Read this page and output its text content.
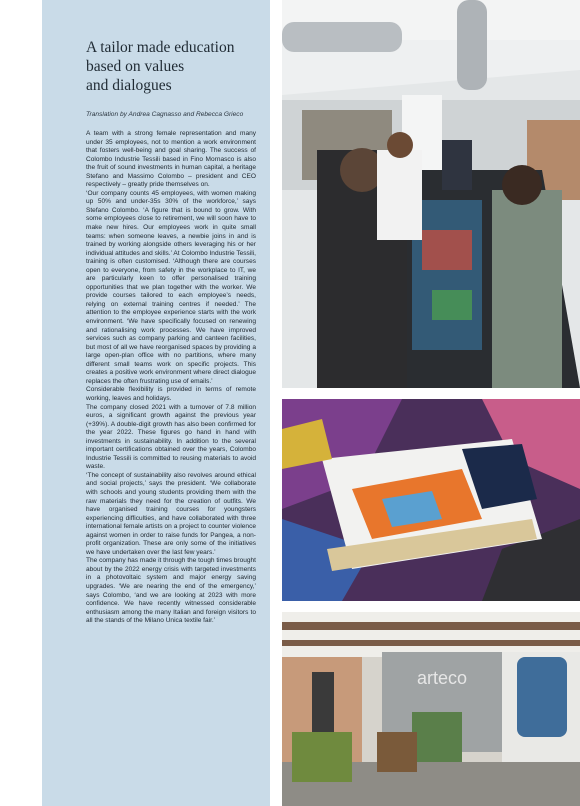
A tailor made education
based on values
and dialogues

Translation by Andrea Cagnasso and Rebecca Grieco

A team with a strong female representation and many under 35 employees, not to mention a work environment that fosters well-being and goal sharing. The success of Colombo Industrie Tessili based in Fino Mornasco is also the fruit of sound investments in human capital, a heritage Stefano and Massimo Colombo – president and CEO respectively – greatly pride themselves on.

‘Our company counts 45 employees, with women making up 50% and under-35s 30% of the workforce,’ says Stefano Colombo. ‘A figure that is bound to grow. With some employees close to retirement, we will soon have to make new hires. Our employees work in quite small teams: when someone leaves, a newbie joins in and is trained by working alongside others leveraging his or her individual attitudes and skills.’ At Colombo Industrie Tessili, training is often customised. ‘Although there are courses open to everyone, from safety in the workplace to IT, we are particularly keen to offer personalised training opportunities that we plan together with the worker. We provide courses tailored to each employee’s needs, relying on external training centres if needed.’ The attention to the employee experience starts with the work environment. ‘We have specifically focused on renewing and rationalising work processes. We have improved services such as company parking and canteen facilities, but most of all we have reorganised spaces by providing a large open-plan office with no partitions, where many different small teams work on specific projects. This creates a positive work environment where direct dialogue replaces the often frustrating use of emails.’

Considerable flexibility is provided in terms of remote working, leaves and holidays.

The company closed 2021 with a turnover of 7.8 million euros, a significant growth against the previous year (+39%). A double-digit growth has also been confirmed for the year 2022. These figures go hand in hand with investments in sustainability. In addition to the several important certifications obtained over the years, Colombo Industrie Tessili is committed to reusing materials to avoid waste.

‘The concept of sustainability also revolves around ethical and social projects,’ says the president. ‘We collaborate with schools and young students providing them with the raw materials they need for the creation of outfits. We have organised training courses for youngsters experiencing difficulties, and have collaborated with three international female artists on a project to counter violence against women in order to raise funds for Pangea, a non-profit organization. These are only some of the initiatives we have undertaken over the last few years.’

The company has made it through the tough times brought about by the 2022 energy crisis with targeted investments in a photovoltaic system and major energy saving upgrades. ‘We are nearing the end of the emergency,’ says Colombo, ‘and we are looking at 2023 with more confidence. We have recently witnessed considerable enthusiasm among the many Italian and foreign visitors to all the stands of the Milano Unica textile fair.’

arteco
